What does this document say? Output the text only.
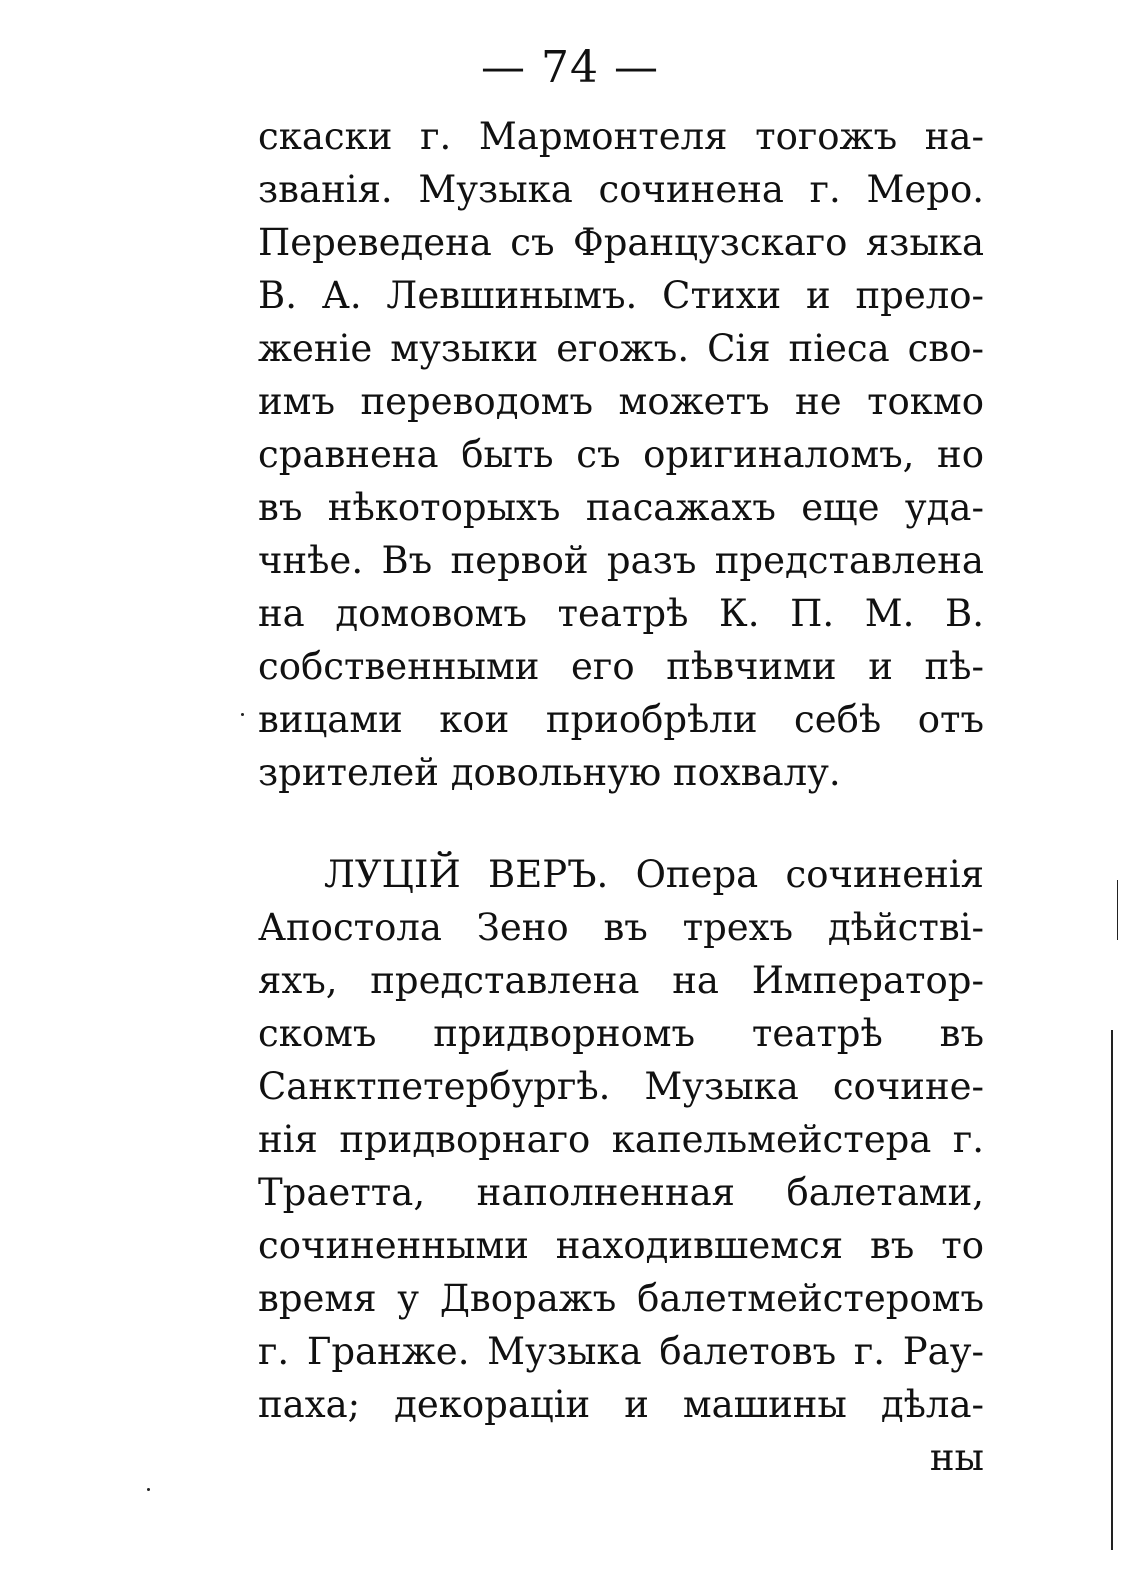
— 74 —
скаски г. Мармонтеля тогожъ на-
званія. Музыка сочинена г. Меро.
Переведена съ Французскаго языка
В. А. Левшинымъ. Стихи и прело-
женіе музыки егожъ. Сія піеса сво-
имъ переводомъ можетъ не токмо
сравнена быть съ оригиналомъ, но
въ нѣкоторыхъ пасажахъ еще уда-
чнѣе. Въ первой разъ представлена
на домовомъ театрѣ К. П. М. В.
собственными его пѣвчими и пѣ-
вицами кои приобрѣли себѣ отъ
зрителей довольную похвалу.
ЛУЦІЙ ВЕРЪ. Опера сочиненія
Апостола Зено въ трехъ дѣйстві-
яхъ, представлена на Император-
скомъ придворномъ театрѣ въ
Санктпетербургѣ. Музыка сочине-
нія придворнаго капельмейстера г.
Траетта, наполненная балетами,
сочиненными находившемся въ то
время у Дворажъ балетмейстеромъ
г. Гранже. Музыка балетовъ г. Рау-
паха; декораціи и машины дѣла-
ны
